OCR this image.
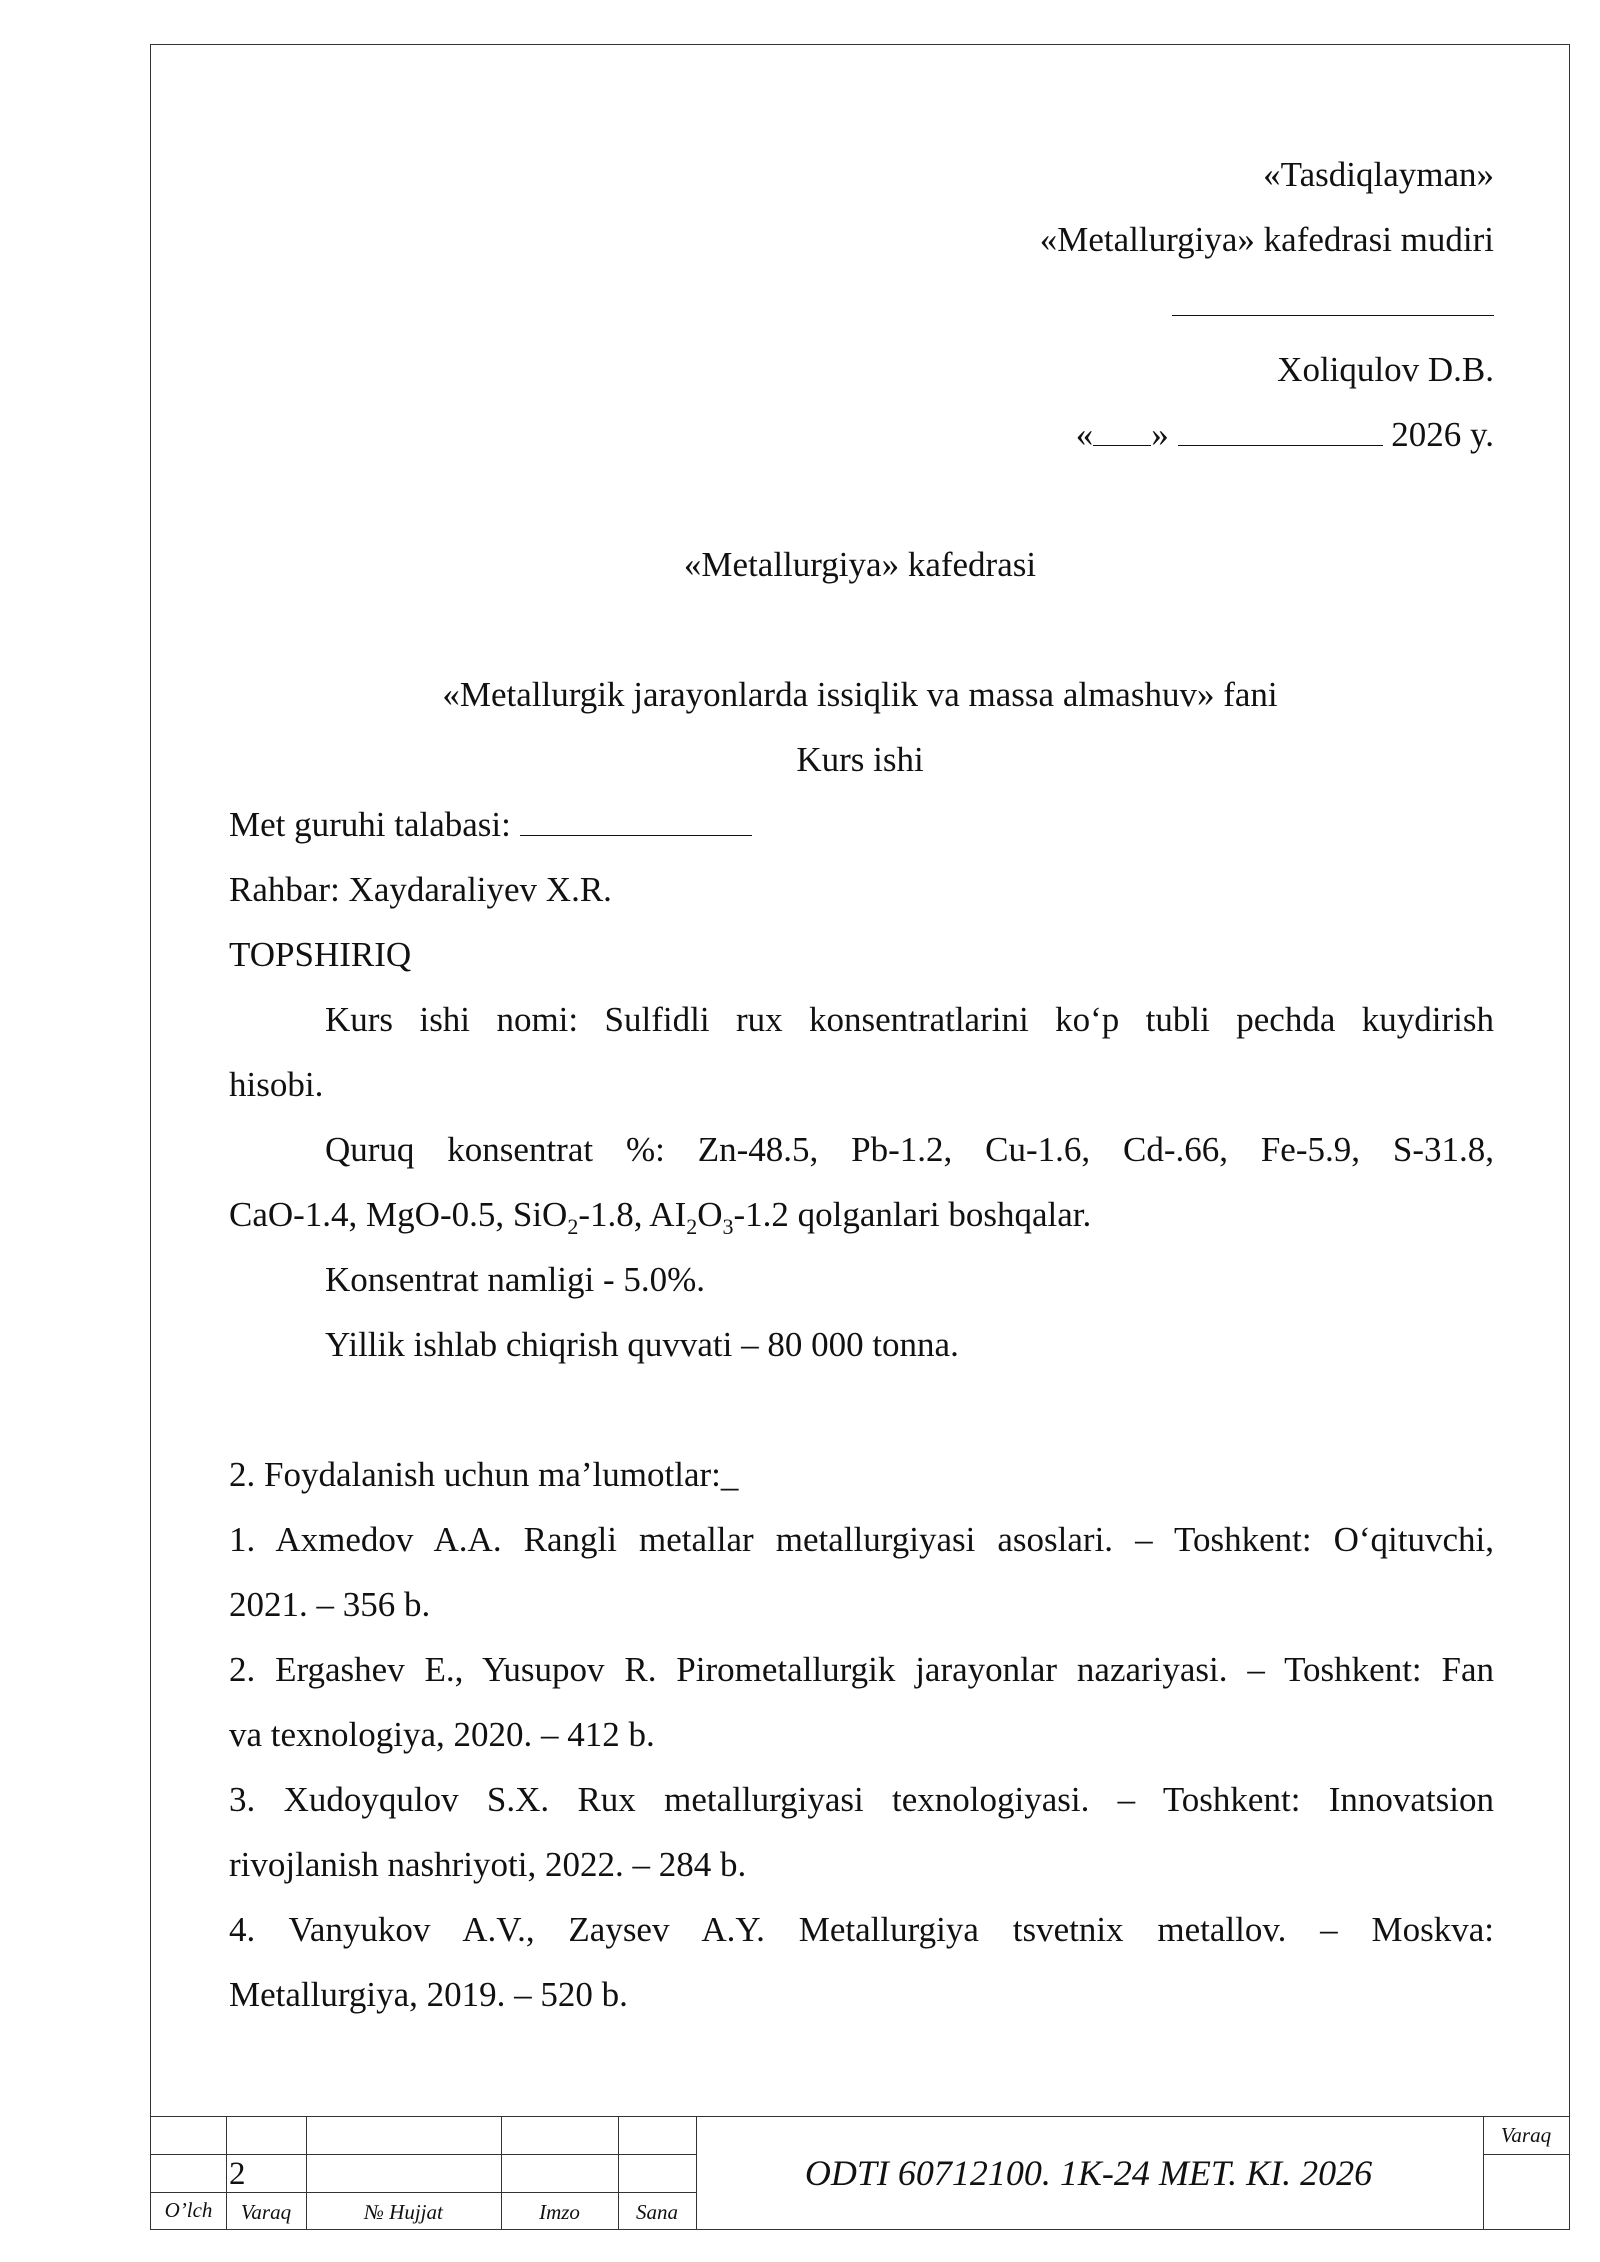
«Tasdiqlayman»
«Metallurgiya» kafedrasi mudiri
Xoliqulov D.B.
« »	2026 y.
«Metallurgiya» kafedrasi
«Metallurgik jarayonlarda issiqlik va massa almashuv» fani
Kurs ishi
Met guruhi talabasi:
Rahbar: Xaydaraliyev X.R.
TOPSHIRIQ
Kurs ishi nomi: Sulfidli rux konsentratlarini ko‘p tubli pechda kuydirish
hisobi.
Quruq konsentrat %: Zn-48.5, Pb-1.2, Cu-1.6, Cd-.66, Fe-5.9, S-31.8,
CaO-1.4, MgO-0.5, SiO$_2$-1.8, $AI_2O_3-1.2$ qolganlari boshqalar.
Konsentrat namligi - 5.0%.
Yillik ishlab chiqrish quvvati – 80 000 tonna.
2. Foydalanish uchun ma’lumotlar:_
1. Axmedov A.A. Rangli metallar metallurgiyasi asoslari. – Toshkent: O‘qituvchi,
2021. – 356 b.
2. Ergashev E., Yusupov R. Pirometallurgik jarayonlar nazariyasi. – Toshkent: Fan
va texnologiya, 2020. – 412 b.
3. Xudoyqulov S.X. Rux metallurgiyasi texnologiyasi. – Toshkent: Innovatsion
rivojlanish nashriyoti, 2022. – 284 b.
4. Vanyukov A.V., Zaysev A.Y. Metallurgiya tsvetnix metallov. – Moskva:
Metallurgiya, 2019. – 520 b.
O’lch	Varaq	№ Hujjat	Imzo	Sana
2	ODTI 60712100. 1K-24 MET. KI. 2026
Varaq
